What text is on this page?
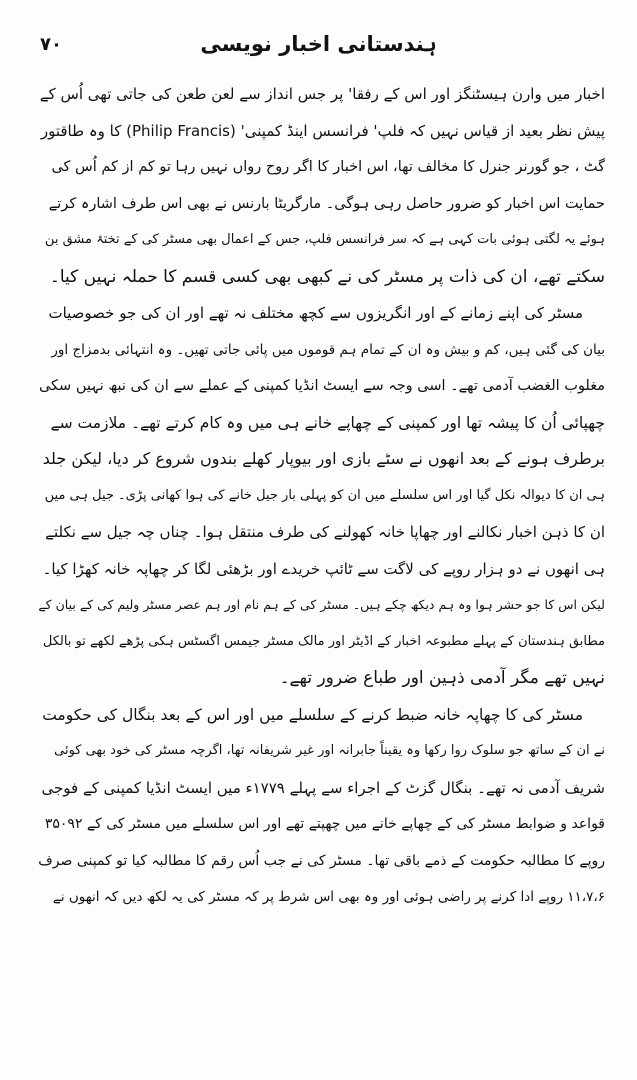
۷۰	ہندستانی اخبار نویسی
اخبار میں وارن ہیسٹنگز اور اس کے رفقا' پر جس انداز سے لعن طعن کی جاتی تھی اُس کے
پیش نظر بعید از قیاس نہیں کہ فلپ' فرانسس اینڈ کمپنی' (Philip Francis) کا وہ طاقتور
گٹ ، جو گورنر جنرل کا مخالف تھا، اس اخبار کا اگر روح رواں نہیں رہا تو کم از کم اُس کی
حمایت اس اخبار کو ضرور حاصل رہی ہوگی۔ مارگریٹا بارنس نے بھی اس طرف اشارہ کرتے
ہوئے یہ لگتی ہوئی بات کہی ہے کہ سر فرانسس فلپ، جس کے اعمال بھی مسٹر کی کے تختۂ مشق بن
سکتے تھے، ان کی ذات پر مسٹر کی نے کبھی بھی کسی قسم کا حملہ نہیں کیا۔
مسٹر کی اپنے زمانے کے اور انگریزوں سے کچھ مختلف نہ تھے اور ان کی جو خصوصیات
بیان کی گئی ہیں، کم و بیش وہ ان کے تمام ہم قوموں میں پائی جاتی تھیں۔ وہ انتہائی بدمزاج اور
مغلوب الغضب آدمی تھے۔ اسی وجہ سے ایسٹ انڈیا کمپنی کے عملے سے ان کی نبھ نہیں سکی
چھپائی اُن کا پیشہ تھا اور کمپنی کے چھاپے خانے ہی میں وہ کام کرتے تھے۔ ملازمت سے
برطرف ہونے کے بعد انھوں نے سٹے بازی اور بیوپار کھلے بندوں شروع کر دیا، لیکن جلد
ہی ان کا دیوالہ نکل گیا اور اس سلسلے میں ان کو پہلی بار جیل خانے کی ہوا کھانی پڑی۔ جیل ہی میں
ان کا ذہن اخبار نکالنے اور چھاپا خانہ کھولنے کی طرف منتقل ہوا۔ چناں چہ جیل سے نکلتے
ہی انھوں نے دو ہزار روپے کی لاگت سے ٹائپ خریدے اور بڑھئی لگا کر چھاپہ خانہ کھڑا کیا۔
لیکن اس کا جو حشر ہوا وہ ہم دیکھ چکے ہیں۔ مسٹر کی کے ہم نام اور ہم عصر مسٹر ولیم کی کے بیان کے
مطابق ہندستان کے پہلے مطبوعہ اخبار کے اڈیٹر اور مالک مسٹر جیمس اگسٹس ہکی پڑھے لکھے تو بالکل
نہیں تھے مگر آدمی ذہین اور طباع ضرور تھے۔
مسٹر کی کا چھاپہ خانہ ضبط کرنے کے سلسلے میں اور اس کے بعد بنگال کی حکومت
نے ان کے ساتھ جو سلوک روا رکھا وہ یقیناً جابرانہ اور غیر شریفانہ تھا، اگرچہ مسٹر کی خود بھی کوئی
شریف آدمی نہ تھے۔ بنگال گزٹ کے اجراء سے پہلے ۱۷۷۹ء میں ایسٹ انڈیا کمپنی کے فوجی
قواعد و ضوابط مسٹر کی کے چھاپے خانے میں چھپتے تھے اور اس سلسلے میں مسٹر کی کے ۳۵۰۹۲
روپے کا مطالبہ حکومت کے ذمے باقی تھا۔ مسٹر کی نے جب اُس رقم کا مطالبہ کیا تو کمپنی صرف
۱۱،۷،۶ روپے ادا کرنے پر راضی ہوئی اور وہ بھی اس شرط پر کہ مسٹر کی یہ لکھ دیں کہ انھوں نے
